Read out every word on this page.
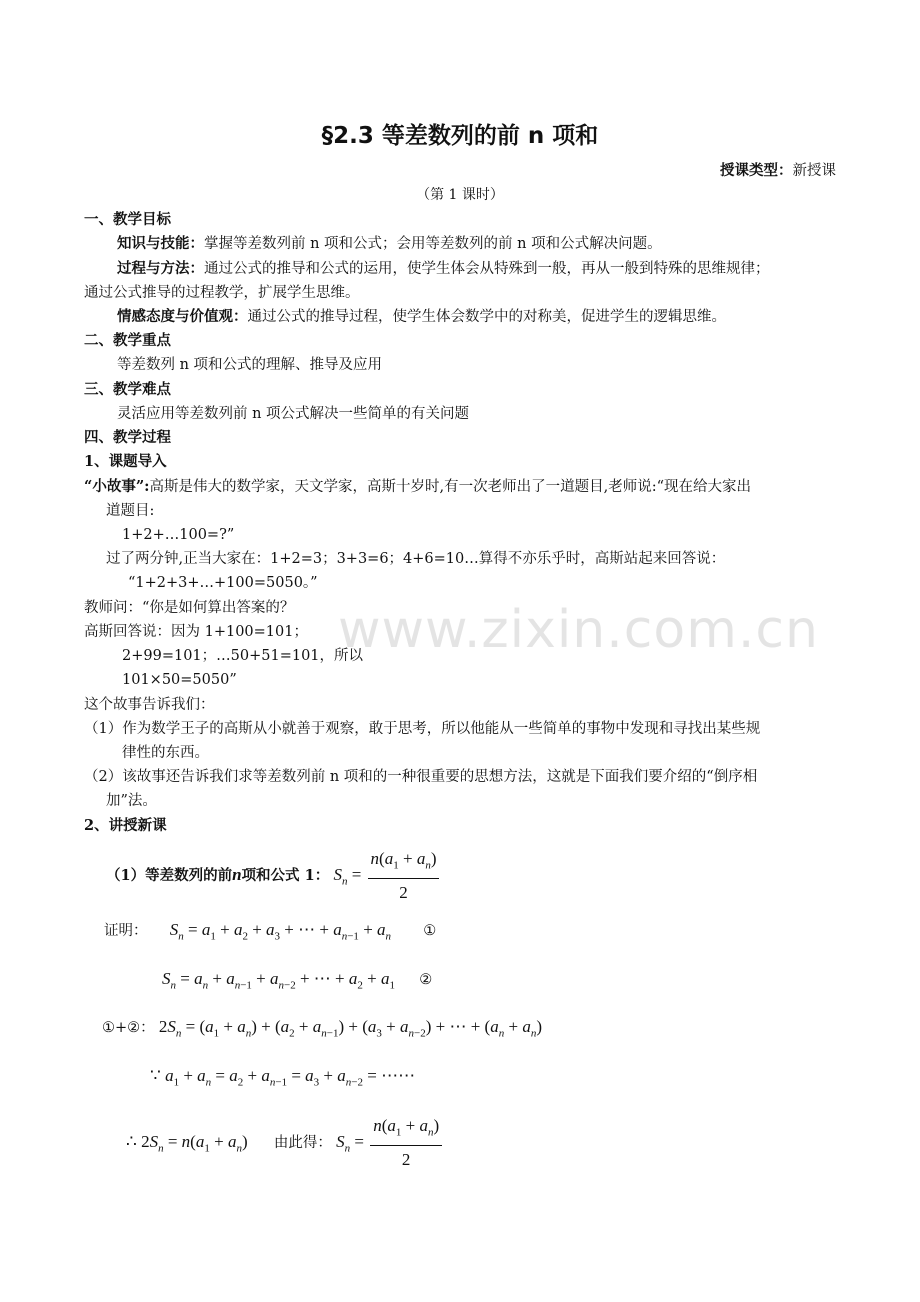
www.zixin.com.cn
§2.3 等差数列的前 n 项和
授课类型：新授课
（第 1 课时）
一、教学目标
知识与技能：掌握等差数列前 n 项和公式；会用等差数列的前 n 项和公式解决问题。
过程与方法：通过公式的推导和公式的运用，使学生体会从特殊到一般，再从一般到特殊的思维规律；
通过公式推导的过程教学，扩展学生思维。
情感态度与价值观：通过公式的推导过程，使学生体会数学中的对称美，促进学生的逻辑思维。
二、教学重点
等差数列 n 项和公式的理解、推导及应用
三、教学难点
灵活应用等差数列前 n 项公式解决一些简单的有关问题
四、教学过程
1、课题导入
“小故事”:高斯是伟大的数学家，天文学家，高斯十岁时,有一次老师出了一道题目,老师说:“现在给大家出
道题目:
1+2+…100=?”
过了两分钟,正当大家在：1+2=3；3+3=6；4+6=10…算得不亦乐乎时，高斯站起来回答说：
“1+2+3+…+100=5050。”
教师问：“你是如何算出答案的？
高斯回答说：因为 1+100=101；
2+99=101；…50+51=101，所以
101×50=5050”
这个故事告诉我们：
（1）作为数学王子的高斯从小就善于观察，敢于思考，所以他能从一些简单的事物中发现和寻找出某些规
律性的东西。
（2）该故事还告诉我们求等差数列前 n 项和的一种很重要的思想方法，这就是下面我们要介绍的“倒序相
加”法。
2、讲授新课
（1）等差数列的前n项和公式 1： $S_n = \frac{n(a_1 + a_n)}{2}$
证明： $S_n = a_1 + a_2 + a_3$ + ⋯ + $a_{n-1} + a_n$ ①
$S_n = a_n + a_{n-1} + a_{n-2}$ + ⋯ + $a_2 + a_1$ ②
①+②： $2S_n = (a_1 + a_n) + (a_2 + a_{n-1}) + (a_3 + a_{n-2})$ + ⋯ + $(a_n + a_n)$
∵ $a_1 + a_n = a_2 + a_{n-1} = a_3 + a_{n-2}$ = ⋯⋯
∴ $2S_n = n(a_1 + a_n)$ 由此得： $S_n = \frac{n(a_1 + a_n)}{2}$
